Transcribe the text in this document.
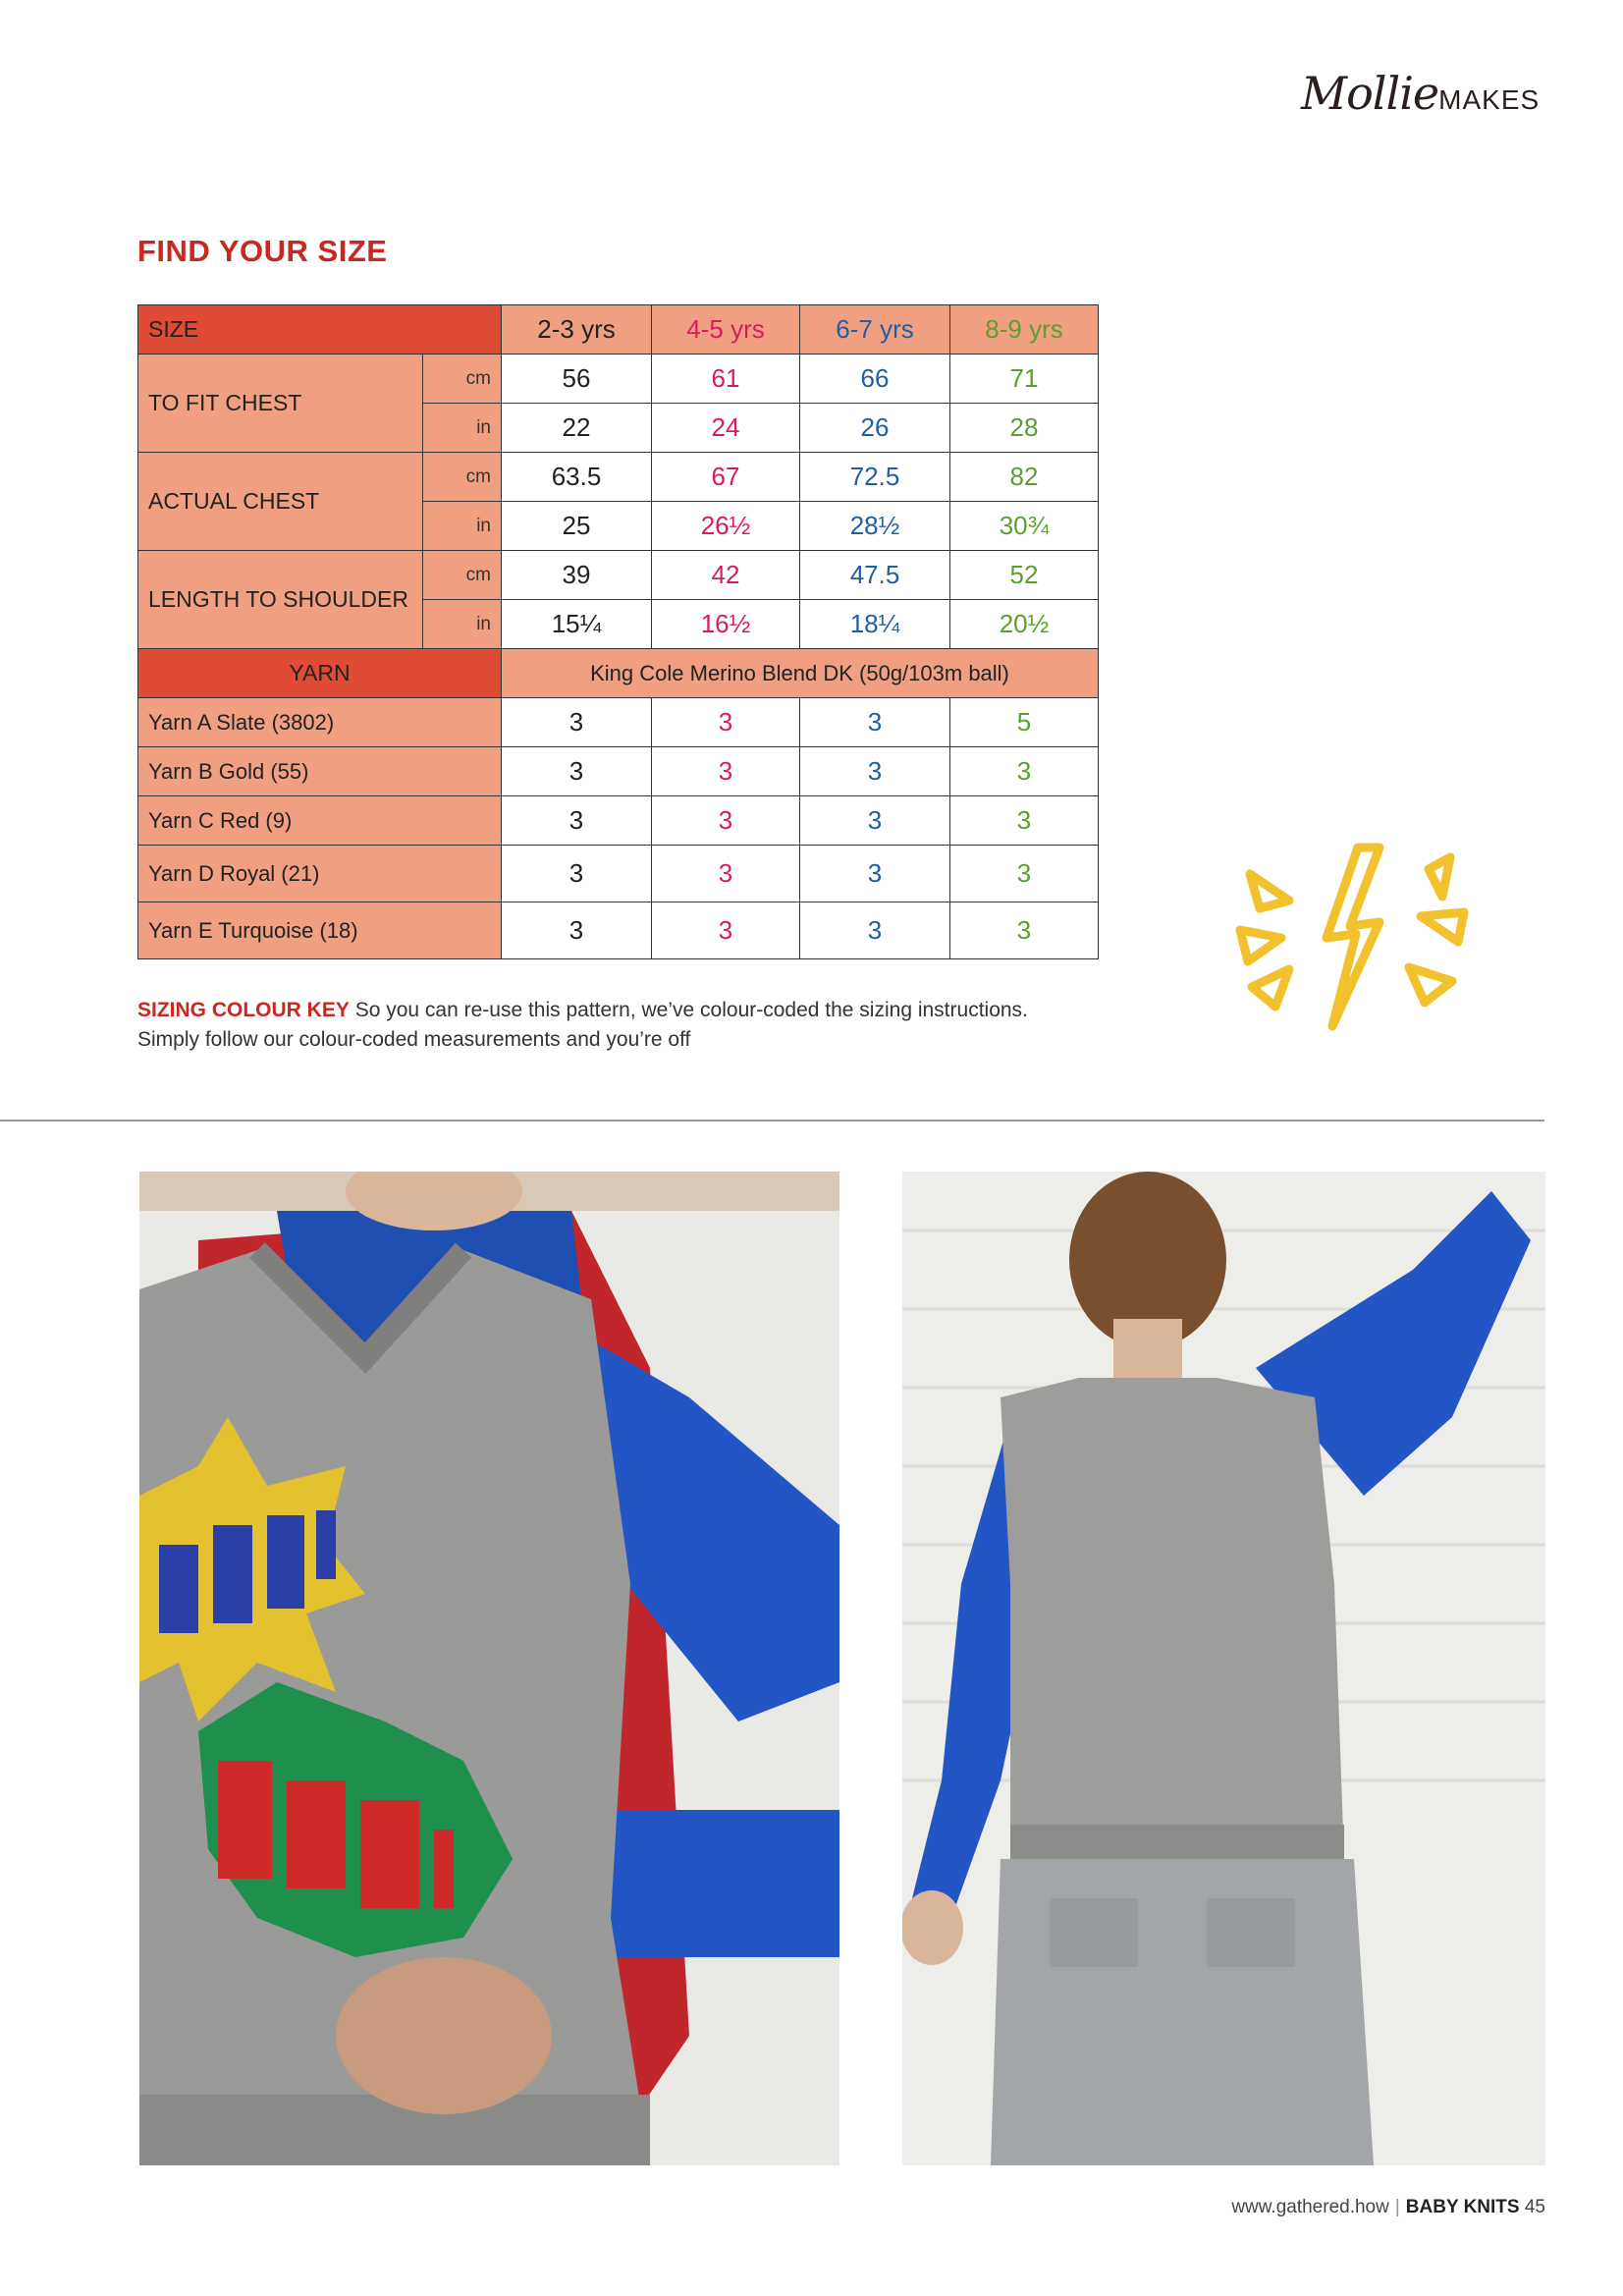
MollieMAKES
FIND YOUR SIZE
SIZE		2-3 yrs	4-5 yrs	6-7 yrs	8-9 yrs
TO FIT CHEST	cm	56	61	66	71
	in	22	24	26	28
ACTUAL CHEST	cm	63.5	67	72.5	82
	in	25	26½	28½	30¾
LENGTH TO SHOULDER	cm	39	42	47.5	52
	in	15¼	16½	18¼	20½
YARN		King Cole Merino Blend DK (50g/103m ball)			
Yarn A Slate (3802)		3	3	3	5
Yarn B Gold (55)		3	3	3	3
Yarn C Red (9)		3	3	3	3
Yarn D Royal (21)		3	3	3	3
Yarn E Turquoise (18)		3	3	3	3
SIZING COLOUR KEY So you can re-use this pattern, we’ve colour-coded the sizing instructions. Simply follow our colour-coded measurements and you’re off
www.gathered.how | BABY KNITS 45
